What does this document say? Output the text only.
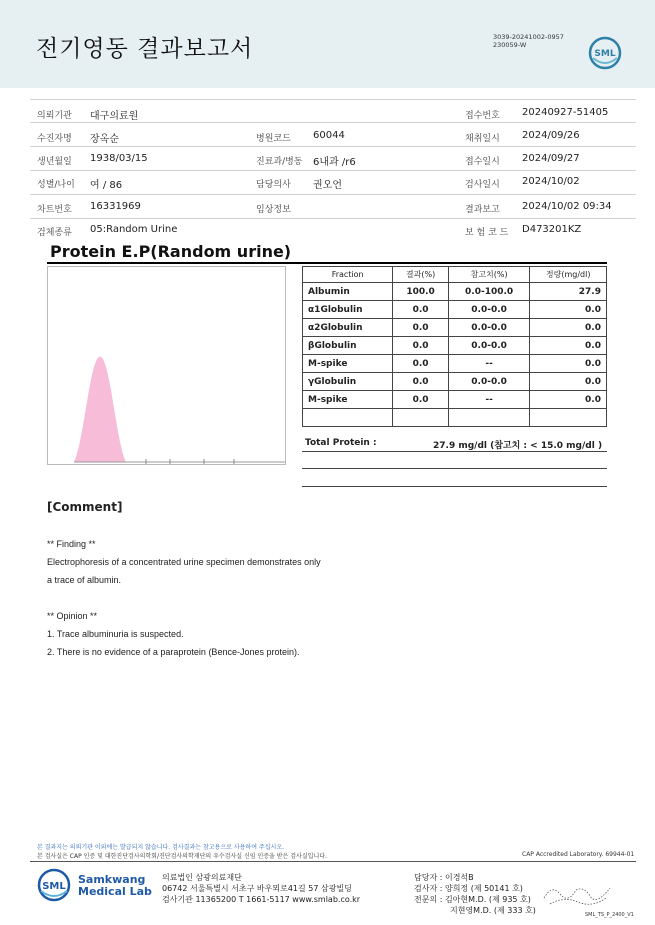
전기영동 결과보고서	3039-20241002-0957
230059-W
SML
의뢰기관 대구의료원
수진자명 장옥순
생년월일 1938/03/15
성별/나이 여 / 86
차트번호 16331969
검체종류 05:Random Urine
병원코드 60044
진료과/병동 6내과 /r6
담당의사 권오언
임상정보
접수번호 20240927-51405
채취일시 2024/09/26
접수일시 2024/09/27
검사일시 2024/10/02
결과보고 2024/10/02 09:34
보 험 코 드 D473201KZ
Protein E.P(Random urine)
Fraction	결과(%)	참고치(%)	정량(mg/dl)
Albumin	100.0	0.0-100.0	27.9
α1Globulin	0.0	0.0-0.0	0.0
α2Globulin	0.0	0.0-0.0	0.0
βGlobulin	0.0	0.0-0.0	0.0
M-spike	0.0	--	0.0
γGlobulin	0.0	0.0-0.0	0.0
M-spike	0.0	--	0.0

Total Protein :	27.9 mg/dl (참고치 : < 15.0 mg/dl )
[Comment]
** Finding **
Electrophoresis of a concentrated urine specimen demonstrates only
a trace of albumin.
** Opinion **
1. Trace albuminuria is suspected.
2. There is no evidence of a paraprotein (Bence-Jones protein).
본 결과지는 의뢰기관 이외에는 발급되지 않습니다. 검사결과는 참고용으로 사용하여 주십시오.
본 검사실은 CAP 인증 및 대한진단검사의학회/진단검사의학재단의 우수검사실 신임 인증을 받은 검사실입니다.	CAP Accredited Laboratory. 69944-01
SML
Samkwang
Medical Lab
의료법인 삼광의료재단
06742 서울특별시 서초구 바우뫼로41길 57 삼광빌딩
검사기관 11365200 T 1661-5117 www.smlab.co.kr
담당자 : 이경석B
검사자 : 양희정 (제 50141 호)
전문의 : 김아현M.D. (제 935 호)
지현영M.D. (제 333 호)	SML_TS_P_2400_V1
